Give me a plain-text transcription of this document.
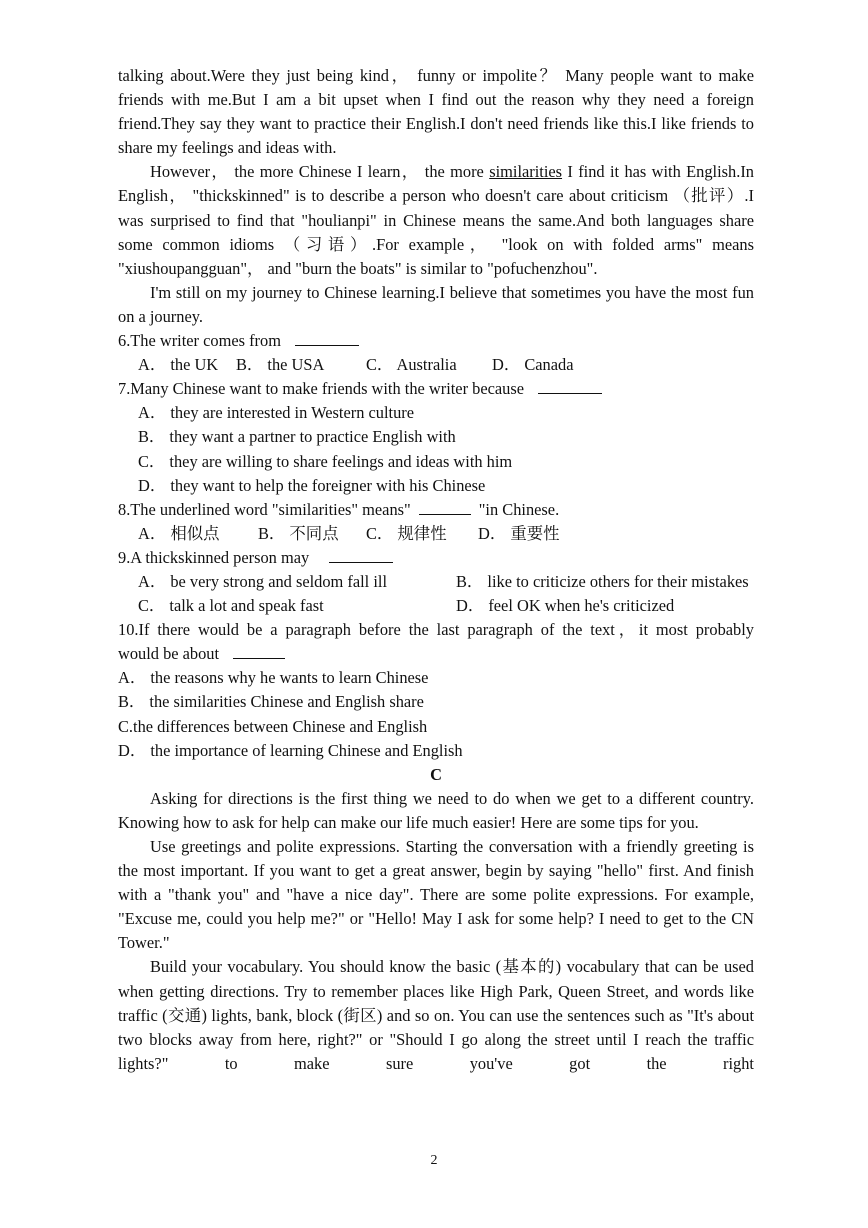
talking about.Were they just being kind， funny or impolite？ Many people want to make friends with me.But I am a bit upset when I find out the reason why they need a foreign friend.They say they want to practice their English.I don't need friends like this.I like friends to share my feelings and ideas with.

However， the more Chinese I learn， the more similarities I find it has with English.In English， "thickskinned" is to describe a person who doesn't care about criticism （批评）.I was surprised to find that "houlianpi" in Chinese means the same.And both languages share some common idioms （习语）.For example， "look on with folded arms" means "xiushoupangguan"， and "burn the boats" is similar to "pofuchenzhou".

I'm still on my journey to Chinese learning.I believe that sometimes you have the most fun on a journey.

6.The writer comes from
A． the UK	B． the USA	C． Australia	D． Canada
7.Many Chinese want to make friends with the writer because
A． they are interested in Western culture
B． they want a partner to practice English with
C． they are willing to share feelings and ideas with him
D． they want to help the foreigner with his Chinese
8.The underlined word "similarities" means"	"in Chinese.
A． 相似点	B． 不同点	C． 规律性	D． 重要性
9.A thickskinned person may
A． be very strong and seldom fall ill	B． like to criticize others for their mistakes
C． talk a lot and speak fast	D． feel OK when he's criticized
10.If there would be a paragraph before the last paragraph of the text，it most probably
would be about
A． the reasons why he wants to learn Chinese
B． the similarities Chinese and English share
C.the differences between Chinese and English
D． the importance of learning Chinese and English

C

Asking for directions is the first thing we need to do when we get to a different country. Knowing how to ask for help can make our life much easier! Here are some tips for you.

Use greetings and polite expressions. Starting the conversation with a friendly greeting is the most important. If you want to get a great answer, begin by saying "hello" first. And finish with a "thank you" and "have a nice day". There are some polite expressions. For example, "Excuse me, could you help me?" or "Hello! May I ask for some help? I need to get to the CN Tower."

Build your vocabulary. You should know the basic (基本的) vocabulary that can be used when getting directions. Try to remember places like High Park, Queen Street, and words like traffic (交通) lights, bank, block (街区) and so on. You can use the sentences such as "It's about two blocks away from here, right?" or "Should I go along the street until I reach the traffic lights?" to make sure you've got the right

2
